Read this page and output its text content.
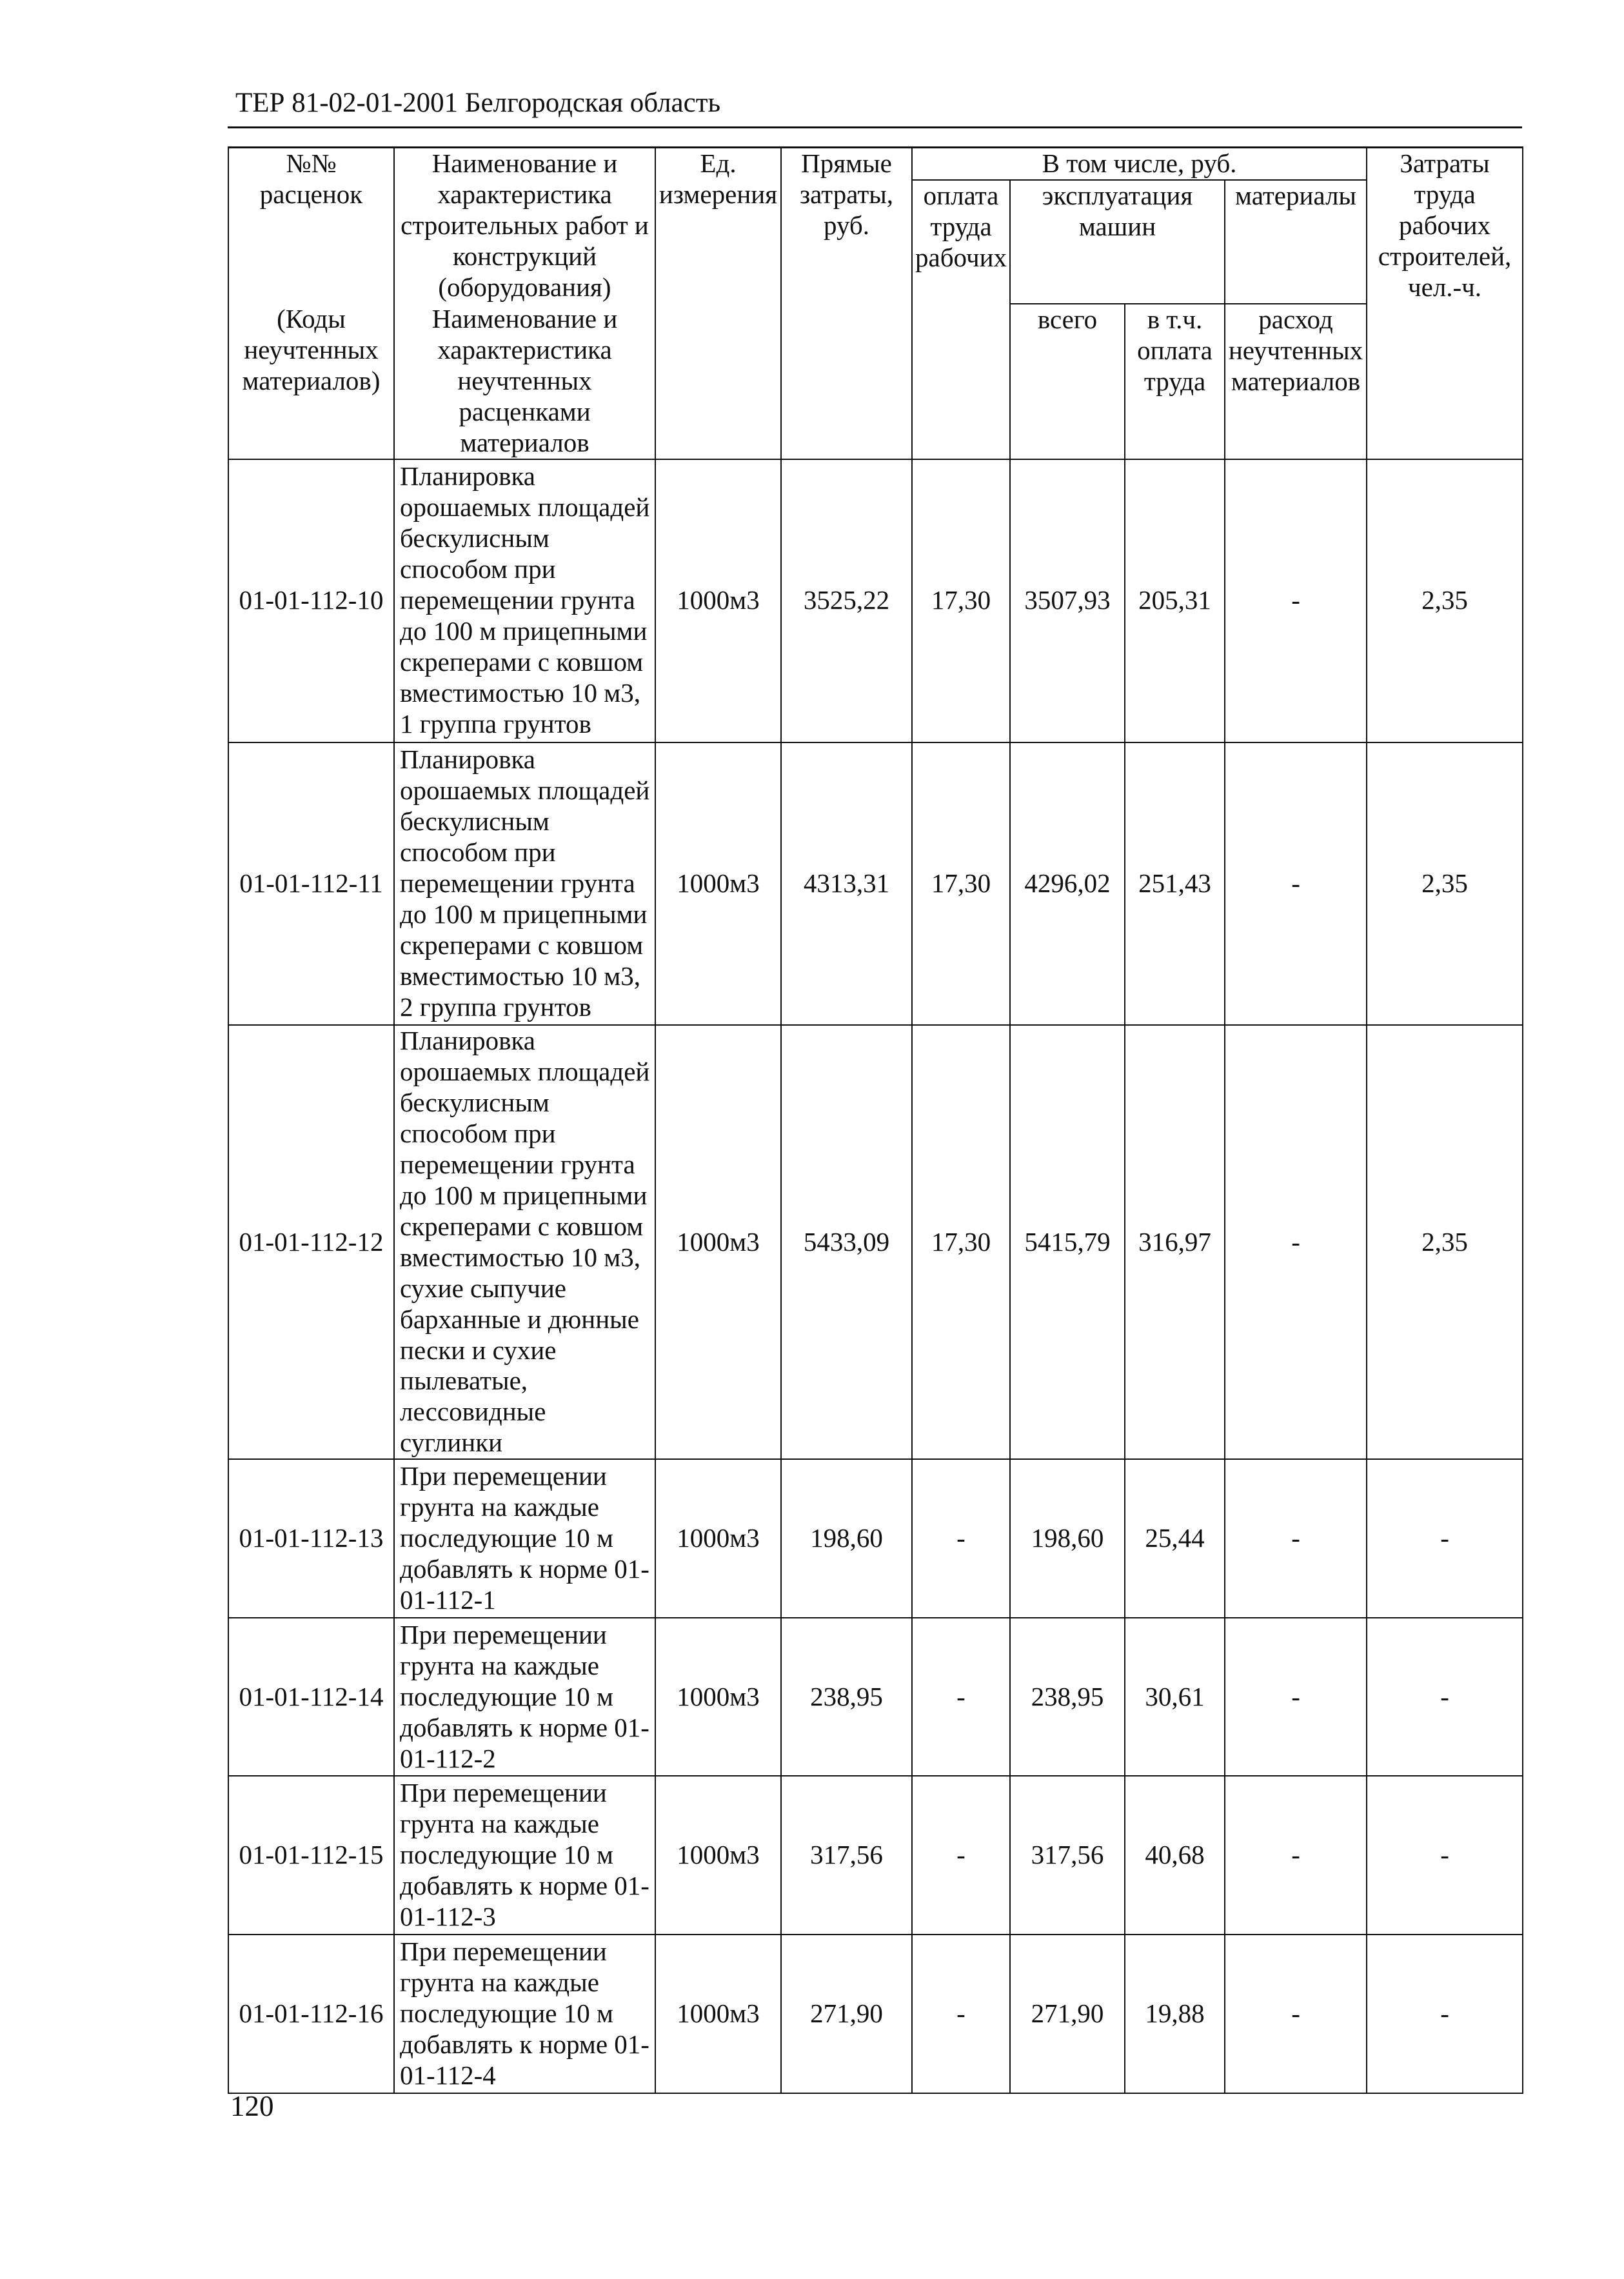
ТЕР 81-02-01-2001 Белгородская область
№№ расценок	Наименование и характеристика строительных работ и конструкций (оборудования)	Ед. измерения	Прямые затраты, руб.	В том числе, руб.				Затраты труда рабочих строителей, чел.-ч.
				оплата труда рабочих	эксплуатация машин		материалы	
(Коды неучтенных материалов)	Наименование и характеристика неучтенных расценками материалов				всего	в т.ч. оплата труда	расход неучтенных материалов	
01-01-112-10	Планировка орошаемых площадей бескулисным способом при перемещении грунта до 100 м прицепными скреперами с ковшом вместимостью 10 м3, 1 группа грунтов	1000м3	3525,22	17,30	3507,93	205,31	-	2,35
01-01-112-11	Планировка орошаемых площадей бескулисным способом при перемещении грунта до 100 м прицепными скреперами с ковшом вместимостью 10 м3, 2 группа грунтов	1000м3	4313,31	17,30	4296,02	251,43	-	2,35
01-01-112-12	Планировка орошаемых площадей бескулисным способом при перемещении грунта до 100 м прицепными скреперами с ковшом вместимостью 10 м3, сухие сыпучие барханные и дюнные пески и сухие пылеватые, лессовидные суглинки	1000м3	5433,09	17,30	5415,79	316,97	-	2,35
01-01-112-13	При перемещении грунта на каждые последующие 10 м добавлять к норме 01-01-112-1	1000м3	198,60	-	198,60	25,44	-	-
01-01-112-14	При перемещении грунта на каждые последующие 10 м добавлять к норме 01-01-112-2	1000м3	238,95	-	238,95	30,61	-	-
01-01-112-15	При перемещении грунта на каждые последующие 10 м добавлять к норме 01-01-112-3	1000м3	317,56	-	317,56	40,68	-	-
01-01-112-16	При перемещении грунта на каждые последующие 10 м добавлять к норме 01-01-112-4	1000м3	271,90	-	271,90	19,88	-	-
120
